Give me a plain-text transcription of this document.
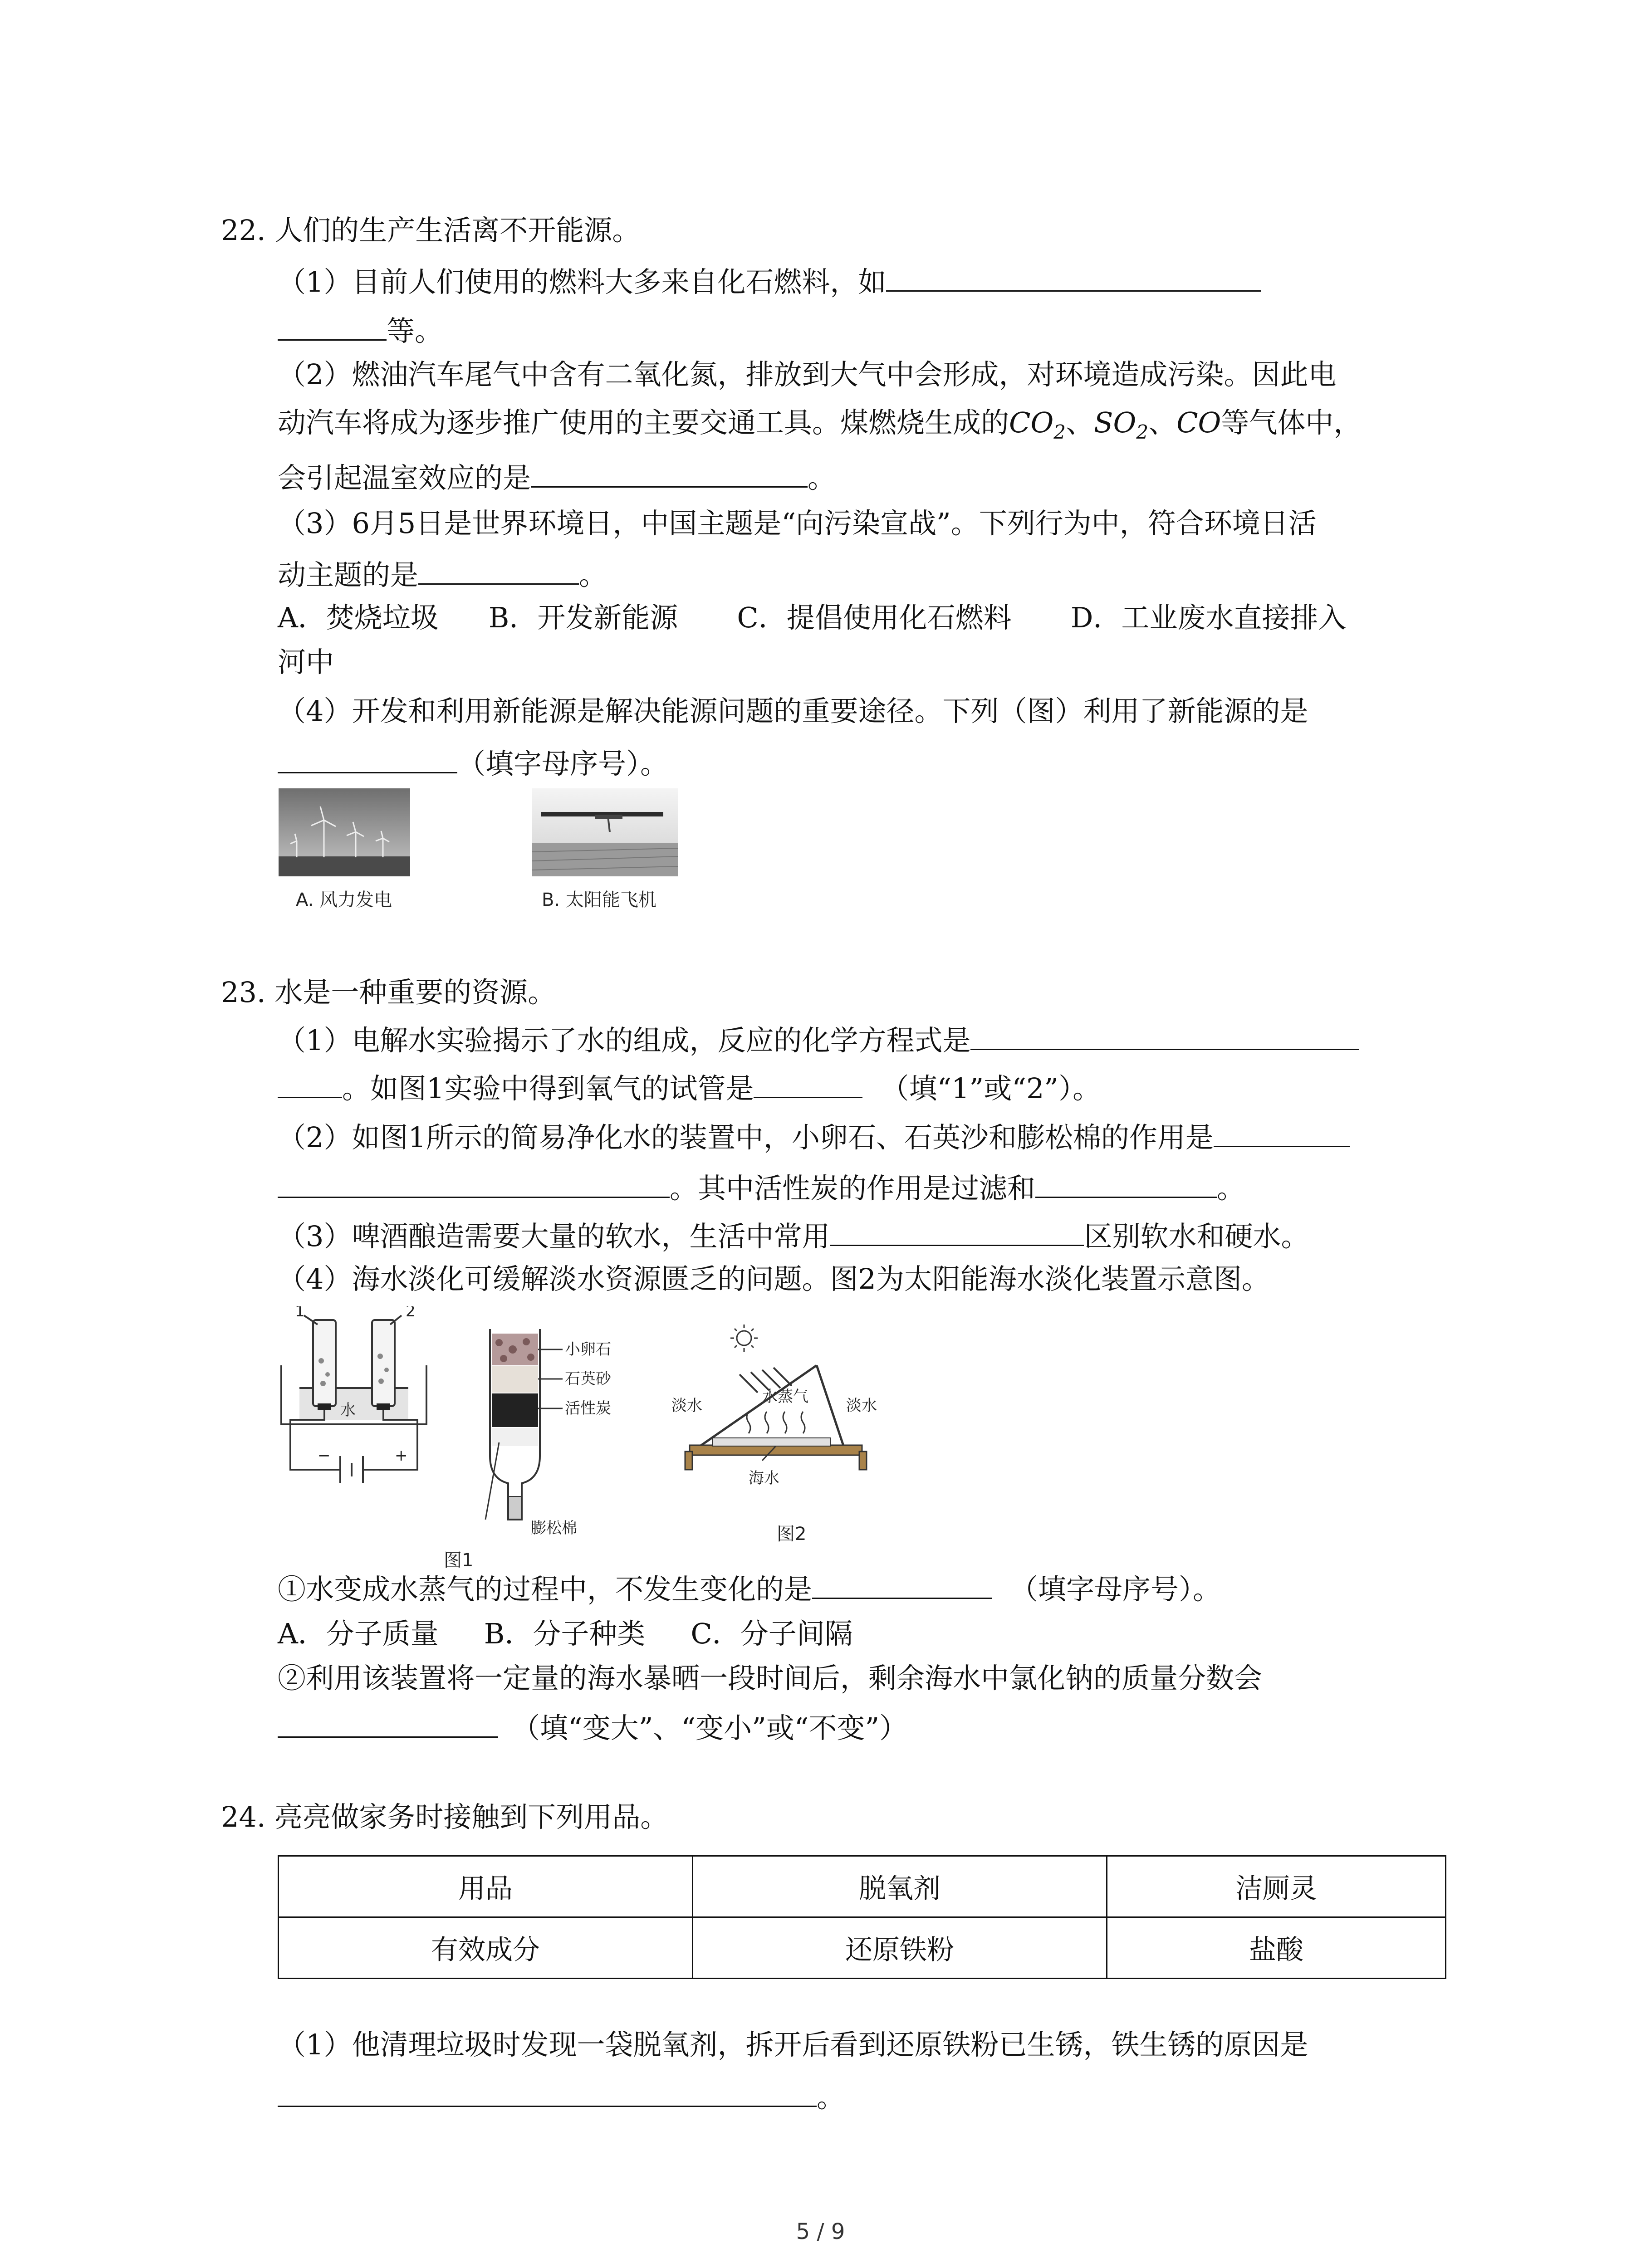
22. 人们的生产生活离不开能源。
（1）目前人们使用的燃料大多来自化石燃料，如
等。
（2）燃油汽车尾气中含有二氧化氮，排放到大气中会形成，对环境造成污染。因此电
动汽车将成为逐步推广使用的主要交通工具。煤燃烧生成的$CO_2$、$SO_2$、CO等气体中，
会引起温室效应的是	。
（3）6月5日是世界环境日，中国主题是“向污染宣战”。下列行为中，符合环境日活
动主题的是	。
A．焚烧垃圾 B．开发新能源 C．提倡使用化石燃料 D．工业废水直接排入
河中
（4）开发和利用新能源是解决能源问题的重要途径。下列（图）利用了新能源的是
（填字母序号）。
A. 风力发电	B. 太阳能飞机
23. 水是一种重要的资源。
（1）电解水实验揭示了水的组成，反应的化学方程式是
。如图1实验中得到氧气的试管是	（填“1”或“2”）。
（2）如图1所示的简易净化水的装置中，小卵石、石英沙和膨松棉的作用是
。其中活性炭的作用是过滤和	。
（3）啤酒酿造需要大量的软水，生活中常用	区别软水和硬水。
（4）海水淡化可缓解淡水资源匮乏的问题。图2为太阳能海水淡化装置示意图。
1	2
水
−	+
小卵石
石英砂
活性炭
膨松棉
图1
淡水	水蒸气 淡水
海水
图2
①水变成水蒸气的过程中，不发生变化的是	（填字母序号）。
A．分子质量 B．分子种类 C．分子间隔
②利用该装置将一定量的海水暴晒一段时间后，剩余海水中氯化钠的质量分数会
（填“变大”、“变小”或“不变”）
24. 亮亮做家务时接触到下列用品。
用品	脱氧剂	洁厕灵
有效成分	还原铁粉	盐酸
（1）他清理垃圾时发现一袋脱氧剂，拆开后看到还原铁粉已生锈，铁生锈的原因是
。
5 / 9
